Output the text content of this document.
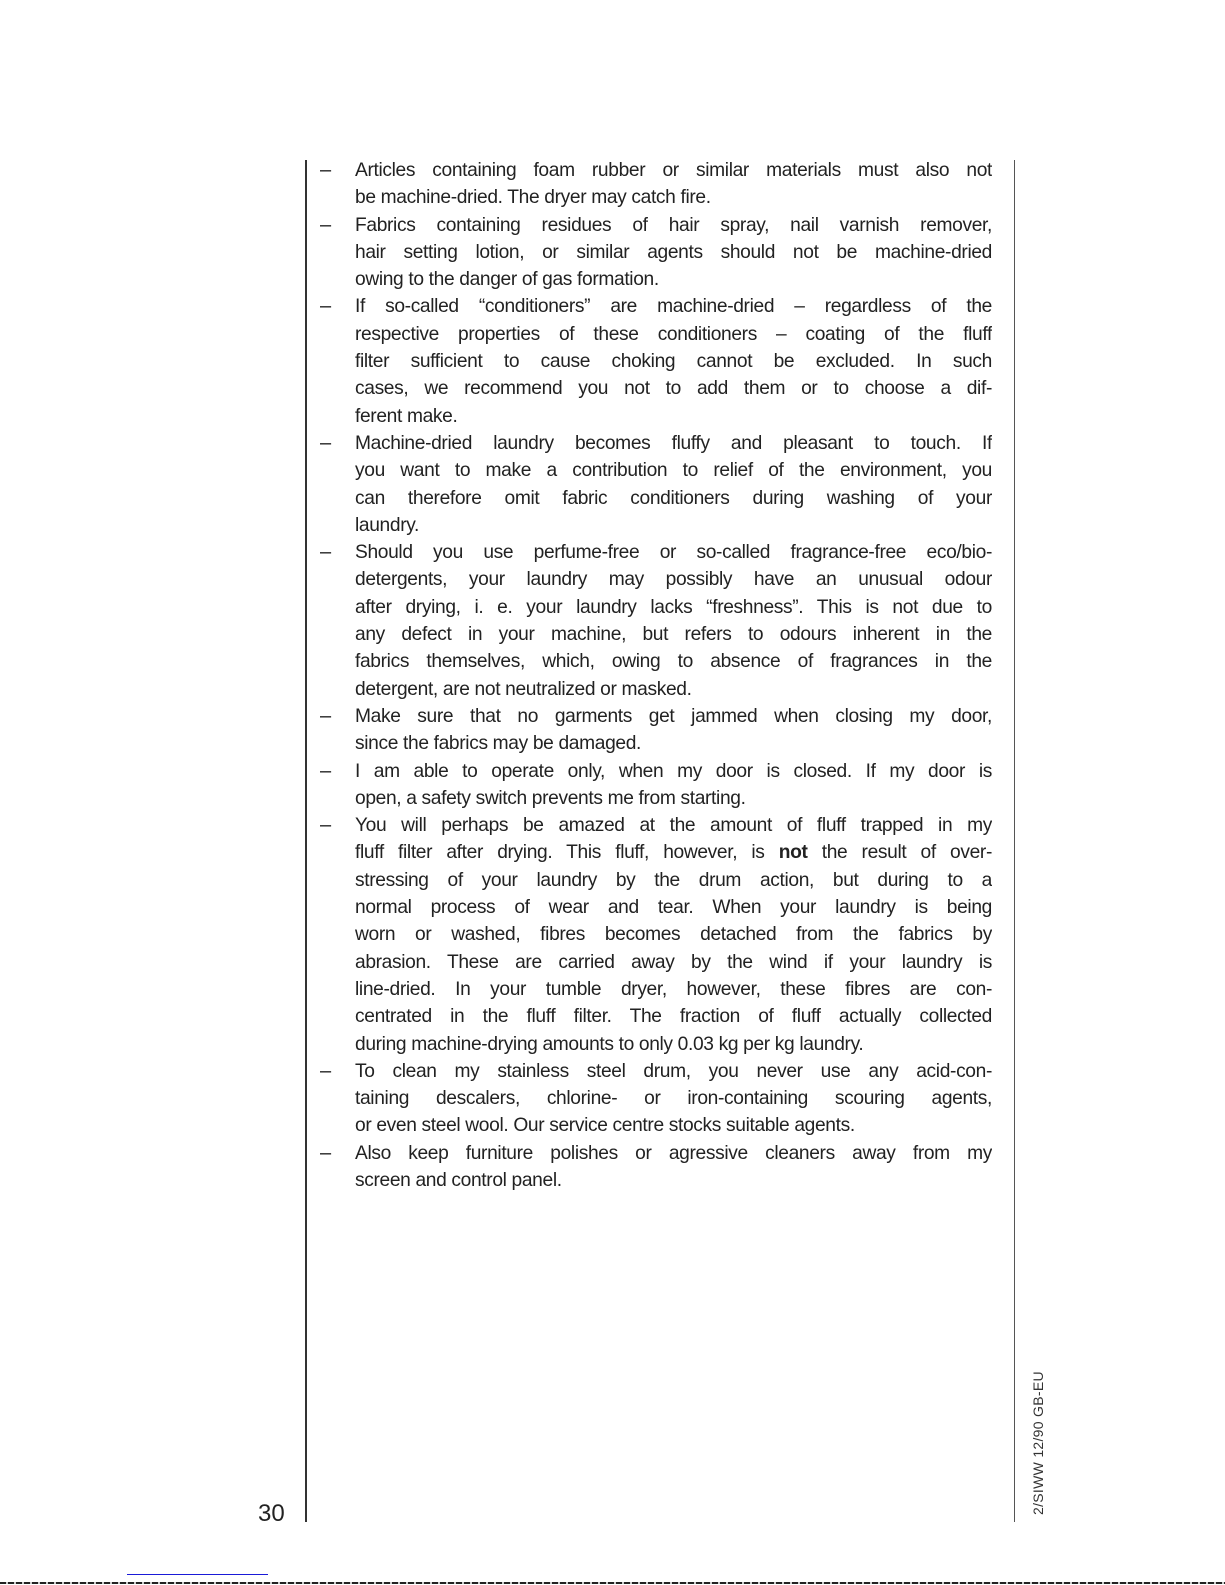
– Articles containing foam rubber or similar materials must also not
be machine-dried. The dryer may catch fire.
– Fabrics containing residues of hair spray, nail varnish remover,
hair setting lotion, or similar agents should not be machine-dried
owing to the danger of gas formation.
– If so-called “conditioners” are machine-dried – regardless of the
respective properties of these conditioners – coating of the fluff
filter sufficient to cause choking cannot be excluded. In such
cases, we recommend you not to add them or to choose a dif-
ferent make.
– Machine-dried laundry becomes fluffy and pleasant to touch. If
you want to make a contribution to relief of the environment, you
can therefore omit fabric conditioners during washing of your
laundry.
– Should you use perfume-free or so-called fragrance-free eco/bio-
detergents, your laundry may possibly have an unusual odour
after drying, i. e. your laundry lacks “freshness”. This is not due to
any defect in your machine, but refers to odours inherent in the
fabrics themselves, which, owing to absence of fragrances in the
detergent, are not neutralized or masked.
– Make sure that no garments get jammed when closing my door,
since the fabrics may be damaged.
– I am able to operate only, when my door is closed. If my door is
open, a safety switch prevents me from starting.
– You will perhaps be amazed at the amount of fluff trapped in my
fluff filter after drying. This fluff, however, is not the result of over-
stressing of your laundry by the drum action, but during to a
normal process of wear and tear. When your laundry is being
worn or washed, fibres becomes detached from the fabrics by
abrasion. These are carried away by the wind if your laundry is
line-dried. In your tumble dryer, however, these fibres are con-
centrated in the fluff filter. The fraction of fluff actually collected
during machine-drying amounts to only 0.03 kg per kg laundry.
– To clean my stainless steel drum, you never use any acid-con-
taining descalers, chlorine- or iron-containing scouring agents,
or even steel wool. Our service centre stocks suitable agents.
– Also keep furniture polishes or agressive cleaners away from my
screen and control panel.
30	2/SIWW 12/90 GB-EU
